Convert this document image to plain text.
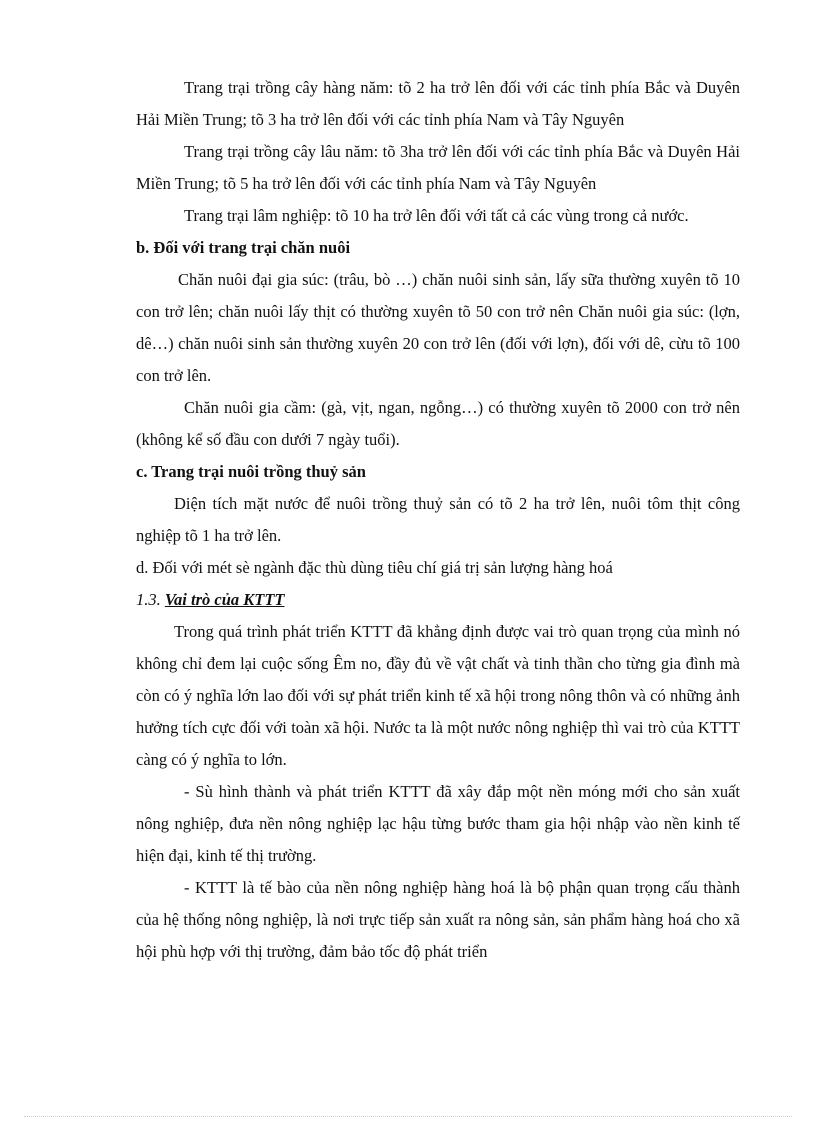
Trang trại trồng cây hàng năm: tõ 2 ha trở lên đối với các tỉnh phía Bắc và Duyên Hải Miền Trung; tõ 3 ha trở lên đối với các tỉnh phía Nam và Tây Nguyên

Trang trại trồng cây lâu năm: tõ 3ha trở lên đối với các tỉnh phía Bắc và Duyên Hải Miền Trung; tõ 5 ha trở lên đối với các tỉnh phía Nam và Tây Nguyên

Trang trại lâm nghiệp: tõ 10 ha trở lên đối với tất cả các vùng trong cả nước.

b. Đối với trang trại chăn nuôi

Chăn nuôi đại gia súc: (trâu, bò …) chăn nuôi sinh sản, lấy sữa thường xuyên tõ 10 con trở lên; chăn nuôi lấy thịt có thường xuyên tõ 50 con trở nên Chăn nuôi gia súc: (lợn, dê…) chăn nuôi sinh sản thường xuyên 20 con trở lên (đối với lợn), đối với dê, cừu tõ 100 con trở lên.

Chăn nuôi gia cầm: (gà, vịt, ngan, ngỗng…) có thường xuyên tõ 2000 con trở nên (không kể số đầu con dưới 7 ngày tuổi).

c. Trang trại nuôi trồng thuỷ sản

Diện tích mặt nước để nuôi trồng thuỷ sản có tõ 2 ha trở lên, nuôi tôm thịt công nghiệp tõ 1 ha trở lên.

d. Đối với mét sè ngành đặc thù dùng tiêu chí giá trị sản lượng hàng hoá

1.3. Vai trò của KTTT

Trong quá trình phát triển KTTT đã khẳng định được vai trò quan trọng của mình nó không chỉ đem lại cuộc sống Êm no, đầy đủ về vật chất và tinh thần cho từng gia đình mà còn có ý nghĩa lớn lao đối với sự phát triển kinh tế xã hội trong nông thôn và có những ảnh hưởng tích cực đối với toàn xã hội. Nước ta là một nước nông nghiệp thì vai trò của KTTT càng có ý nghĩa to lớn.

- Sù hình thành và phát triển KTTT đã xây đắp một nền móng mới cho sản xuất nông nghiệp, đưa nền nông nghiệp lạc hậu từng bước tham gia hội nhập vào nền kinh tế hiện đại, kinh tế thị trường.

- KTTT là tế bào của nền nông nghiệp hàng hoá là bộ phận quan trọng cấu thành của hệ thống nông nghiệp, là nơi trực tiếp sản xuất ra nông sản, sản phẩm hàng hoá cho xã hội phù hợp với thị trường, đảm bảo tốc độ phát triển
